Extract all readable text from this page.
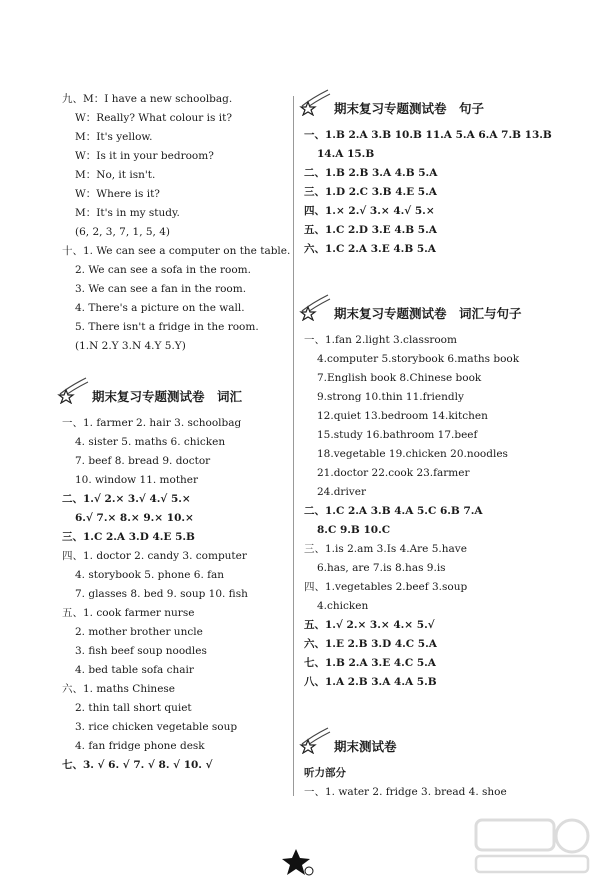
九、M：I have a new schoolbag.
W：Really? What colour is it?
M：It's yellow.
W：Is it in your bedroom?
M：No, it isn't.
W：Where is it?
M：It's in my study.
(6, 2, 3, 7, 1, 5, 4)
十、1. We can see a computer on the table.
2. We can see a sofa in the room.
3. We can see a fan in the room.
4. There's a picture on the wall.
5. There isn't a fridge in the room.
(1.N 2.Y 3.N 4.Y 5.Y)
期末复习专题测试卷　词汇
一、1. farmer 2. hair 3. schoolbag
4. sister 5. maths 6. chicken
7. beef 8. bread 9. doctor
10. window 11. mother
二、1.√ 2.× 3.√ 4.√ 5.×
6.√ 7.× 8.× 9.× 10.×
三、1.C 2.A 3.D 4.E 5.B
四、1. doctor 2. candy 3. computer
4. storybook 5. phone 6. fan
7. glasses 8. bed 9. soup 10. fish
五、1. cook farmer nurse
2. mother brother uncle
3. fish beef soup noodles
4. bed table sofa chair
六、1. maths Chinese
2. thin tall short quiet
3. rice chicken vegetable soup
4. fan fridge phone desk
七、3. √ 6. √ 7. √ 8. √ 10. √
期末复习专题测试卷　句子
一、1.B 2.A 3.B 10.B 11.A 5.A 6.A 7.B 13.B
14.A 15.B
二、1.B 2.B 3.A 4.B 5.A
三、1.D 2.C 3.B 4.E 5.A
四、1.× 2.√ 3.× 4.√ 5.×
五、1.C 2.D 3.E 4.B 5.A
六、1.C 2.A 3.E 4.B 5.A
期末复习专题测试卷　词汇与句子
一、1.fan 2.light 3.classroom
4.computer 5.storybook 6.maths book
7.English book 8.Chinese book
9.strong 10.thin 11.friendly
12.quiet 13.bedroom 14.kitchen
15.study 16.bathroom 17.beef
18.vegetable 19.chicken 20.noodles
21.doctor 22.cook 23.farmer
24.driver
二、1.C 2.A 3.B 4.A 5.C 6.B 7.A
8.C 9.B 10.C
三、1.is 2.am 3.Is 4.Are 5.have
6.has, are 7.is 8.has 9.is
四、1.vegetables 2.beef 3.soup
4.chicken
五、1.√ 2.× 3.× 4.× 5.√
六、1.E 2.B 3.D 4.C 5.A
七、1.B 2.A 3.E 4.C 5.A
八、1.A 2.B 3.A 4.A 5.B
期末测试卷
听力部分
一、1. water 2. fridge 3. bread 4. shoe
